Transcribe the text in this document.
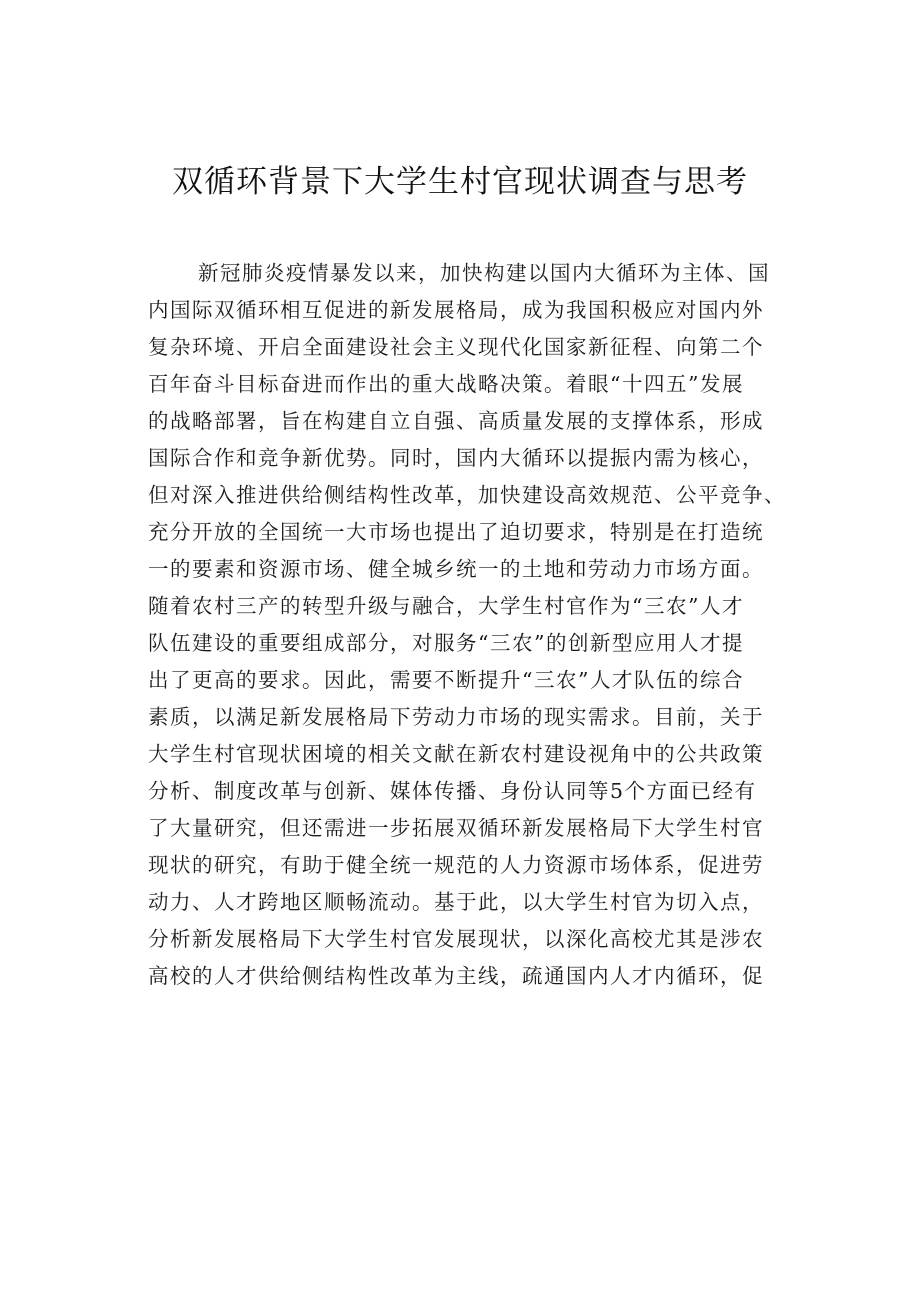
双循环背景下大学生村官现状调查与思考
新冠肺炎疫情暴发以来，加快构建以国内大循环为主体、国
内国际双循环相互促进的新发展格局，成为我国积极应对国内外
复杂环境、开启全面建设社会主义现代化国家新征程、向第二个
百年奋斗目标奋进而作出的重大战略决策。着眼“十四五”发展
的战略部署，旨在构建自立自强、高质量发展的支撑体系，形成
国际合作和竞争新优势。同时，国内大循环以提振内需为核心，
但对深入推进供给侧结构性改革，加快建设高效规范、公平竞争、
充分开放的全国统一大市场也提出了迫切要求，特别是在打造统
一的要素和资源市场、健全城乡统一的土地和劳动力市场方面。
随着农村三产的转型升级与融合，大学生村官作为“三农”人才
队伍建设的重要组成部分，对服务“三农”的创新型应用人才提
出了更高的要求。因此，需要不断提升“三农”人才队伍的综合
素质，以满足新发展格局下劳动力市场的现实需求。目前，关于
大学生村官现状困境的相关文献在新农村建设视角中的公共政策
分析、制度改革与创新、媒体传播、身份认同等5个方面已经有
了大量研究，但还需进一步拓展双循环新发展格局下大学生村官
现状的研究，有助于健全统一规范的人力资源市场体系，促进劳
动力、人才跨地区顺畅流动。基于此，以大学生村官为切入点，
分析新发展格局下大学生村官发展现状，以深化高校尤其是涉农
高校的人才供给侧结构性改革为主线，疏通国内人才内循环，促
